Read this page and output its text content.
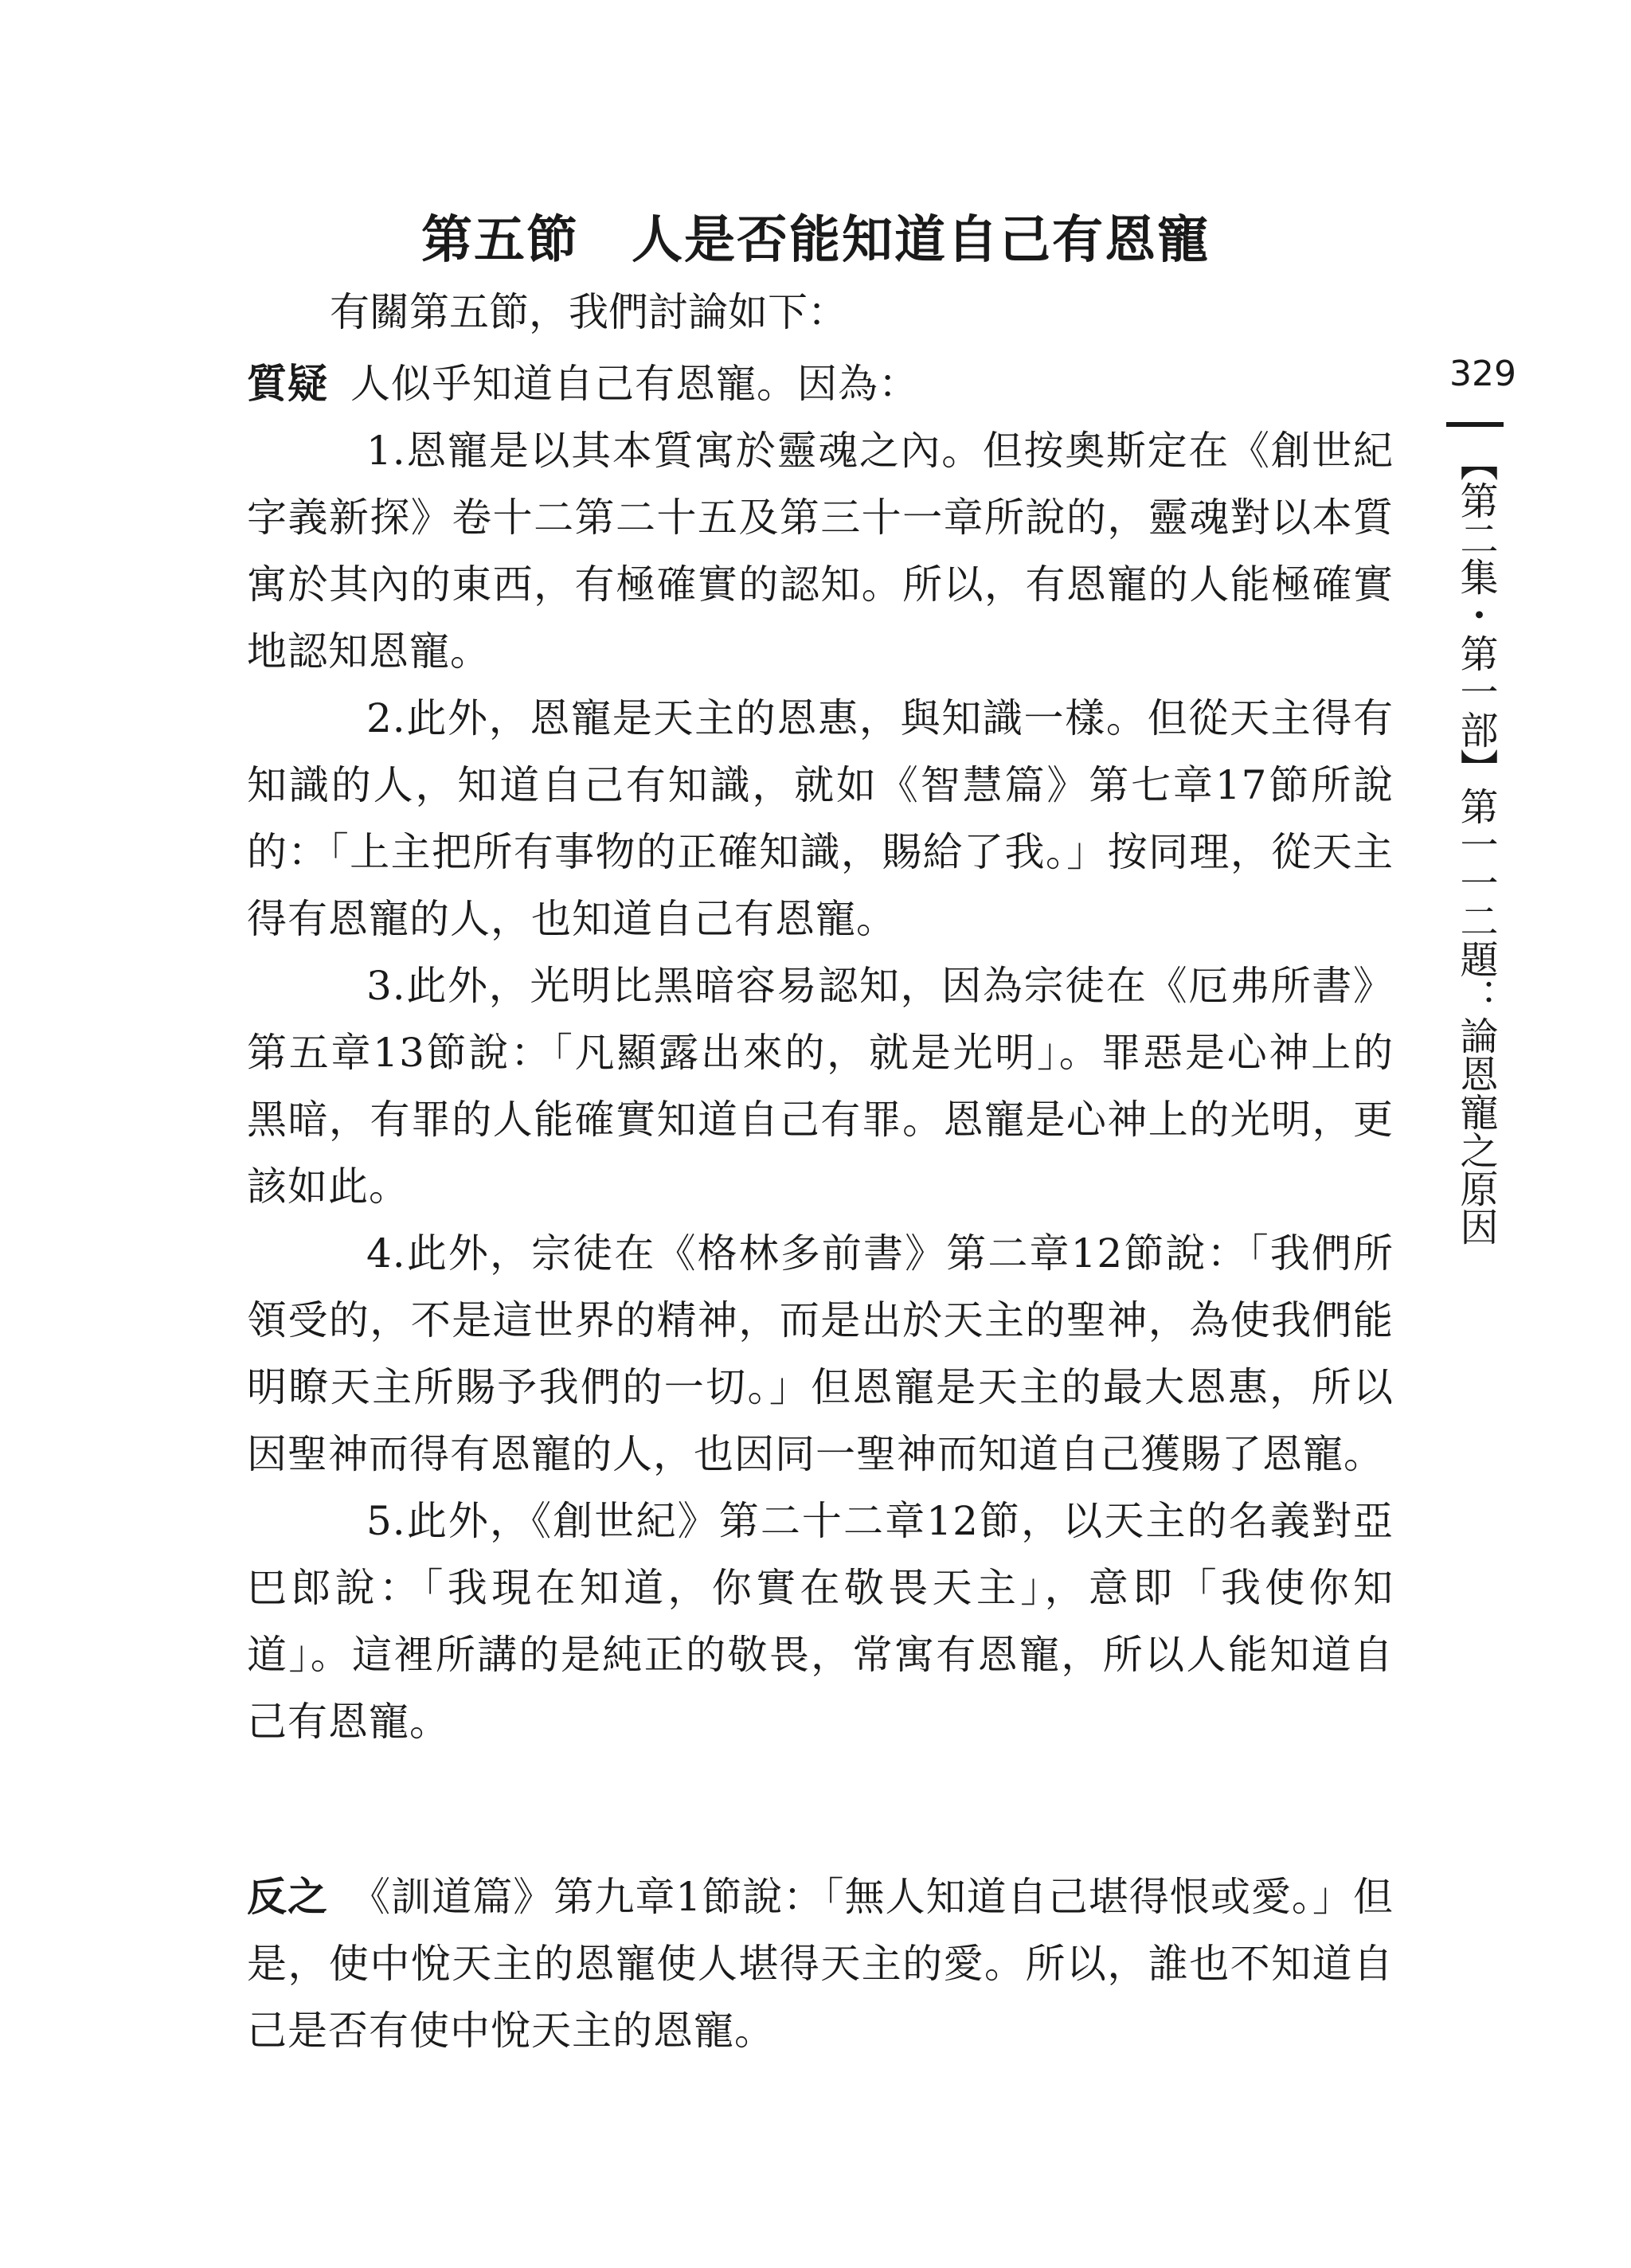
第五節　人是否能知道自己有恩寵
有關第五節，我們討論如下：

質疑 人似乎知道自己有恩寵。因為：

1.恩寵是以其本質寓於靈魂之內。但按奧斯定在《創世紀字義新探》卷十二第二十五及第三十一章所說的，靈魂對以本質寓於其內的東西，有極確實的認知。所以，有恩寵的人能極確實地認知恩寵。

2.此外，恩寵是天主的恩惠，與知識一樣。但從天主得有知識的人，知道自己有知識，就如《智慧篇》第七章17節所說的：「上主把所有事物的正確知識，賜給了我。」按同理，從天主得有恩寵的人，也知道自己有恩寵。

3.此外，光明比黑暗容易認知，因為宗徒在《厄弗所書》第五章13節說：「凡顯露出來的，就是光明」。罪惡是心神上的黑暗，有罪的人能確實知道自己有罪。恩寵是心神上的光明，更該如此。

4.此外，宗徒在《格林多前書》第二章12節說：「我們所領受的，不是這世界的精神，而是出於天主的聖神，為使我們能明瞭天主所賜予我們的一切。」但恩寵是天主的最大恩惠，所以因聖神而得有恩寵的人，也因同一聖神而知道自己獲賜了恩寵。

5.此外，《創世紀》第二十二章12節，以天主的名義對亞巴郎說：「我現在知道，你實在敬畏天主」，意即「我使你知道」。這裡所講的是純正的敬畏，常寓有恩寵，所以人能知道自己有恩寵。

反之 《訓道篇》第九章1節說：「無人知道自己堪得恨或愛。」但是，使中悅天主的恩寵使人堪得天主的愛。所以，誰也不知道自己是否有使中悅天主的恩寵。

329
【第二集・第一部】第一一二題：論恩寵之原因
